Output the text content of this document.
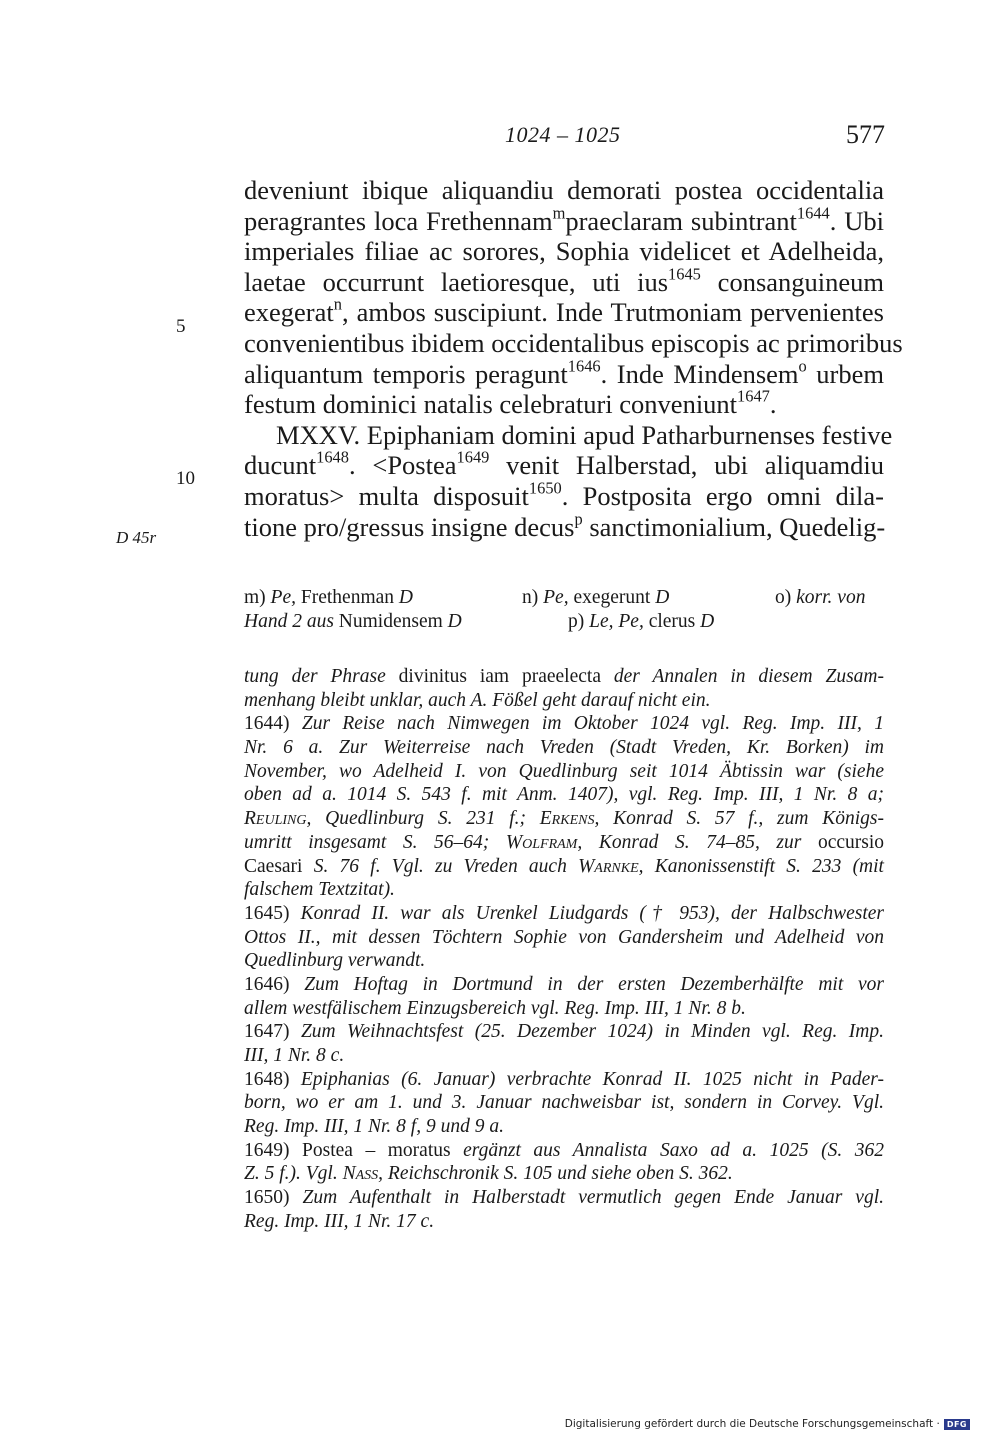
1024 – 1025	577
5
10
D 45r
deveniunt ibique aliquandiu demorati postea occidentalia
peragrantes loca Frethennam$^m$praeclaram subintrant$^{1644}$. Ubi
imperiales filiae ac sorores, Sophia videlicet et Adelheida,
laetae occurrunt laetioresque, uti ius$^{1645}$ consanguineum
exegerat$^n$, ambos suscipiunt. Inde Trutmoniam pervenientes
convenientibus ibidem occidentalibus episcopis ac primoribus
aliquantum temporis peragunt$^{1646}$. Inde Mindensem$^o$ urbem
festum dominici natalis celebraturi conveniunt$^{1647}$.
MXXV. Epiphaniam domini apud Patharburnenses festive
ducunt$^{1648}$. <Postea$^{1649}$ venit Halberstad, ubi aliquamdiu
moratus> multa disposuit$^{1650}$. Postposita ergo omni dila-
tione pro/gressus insigne decus$^p$ sanctimonialium, Quedelig-
m) Pe, Frethenman D	n) Pe, exegerunt D	o) korr. von
Hand 2 aus Numidensem D	p) Le, Pe, clerus D
tung der Phrase divinitus iam praeelecta der Annalen in diesem Zusam-
menhang bleibt unklar, auch A. Fößel geht darauf nicht ein.
1644) Zur Reise nach Nimwegen im Oktober 1024 vgl. Reg. Imp. III, 1
Nr. 6 a. Zur Weiterreise nach Vreden (Stadt Vreden, Kr. Borken) im
November, wo Adelheid I. von Quedlinburg seit 1014 Äbtissin war (siehe
oben ad a. 1014 S. 543 f. mit Anm. 1407), vgl. Reg. Imp. III, 1 Nr. 8 a;
Reuling, Quedlinburg S. 231 f.; Erkens, Konrad S. 57 f., zum Königs-
umritt insgesamt S. 56–64; Wolfram, Konrad S. 74–85, zur occursio
Caesari S. 76 f. Vgl. zu Vreden auch Warnke, Kanonissenstift S. 233 (mit
falschem Textzitat).
1645) Konrad II. war als Urenkel Liudgards († 953), der Halbschwester
Ottos II., mit dessen Töchtern Sophie von Gandersheim und Adelheid von
Quedlinburg verwandt.
1646) Zum Hoftag in Dortmund in der ersten Dezemberhälfte mit vor
allem westfälischem Einzugsbereich vgl. Reg. Imp. III, 1 Nr. 8 b.
1647) Zum Weihnachtsfest (25. Dezember 1024) in Minden vgl. Reg. Imp.
III, 1 Nr. 8 c.
1648) Epiphanias (6. Januar) verbrachte Konrad II. 1025 nicht in Pader-
born, wo er am 1. und 3. Januar nachweisbar ist, sondern in Corvey. Vgl.
Reg. Imp. III, 1 Nr. 8 f, 9 und 9 a.
1649) Postea – moratus ergänzt aus Annalista Saxo ad a. 1025 (S. 362
Z. 5 f.). Vgl. Nass, Reichschronik S. 105 und siehe oben S. 362.
1650) Zum Aufenthalt in Halberstadt vermutlich gegen Ende Januar vgl.
Reg. Imp. III, 1 Nr. 17 c.
Digitalisierung gefördert durch die Deutsche Forschungsgemeinschaft · DFG
